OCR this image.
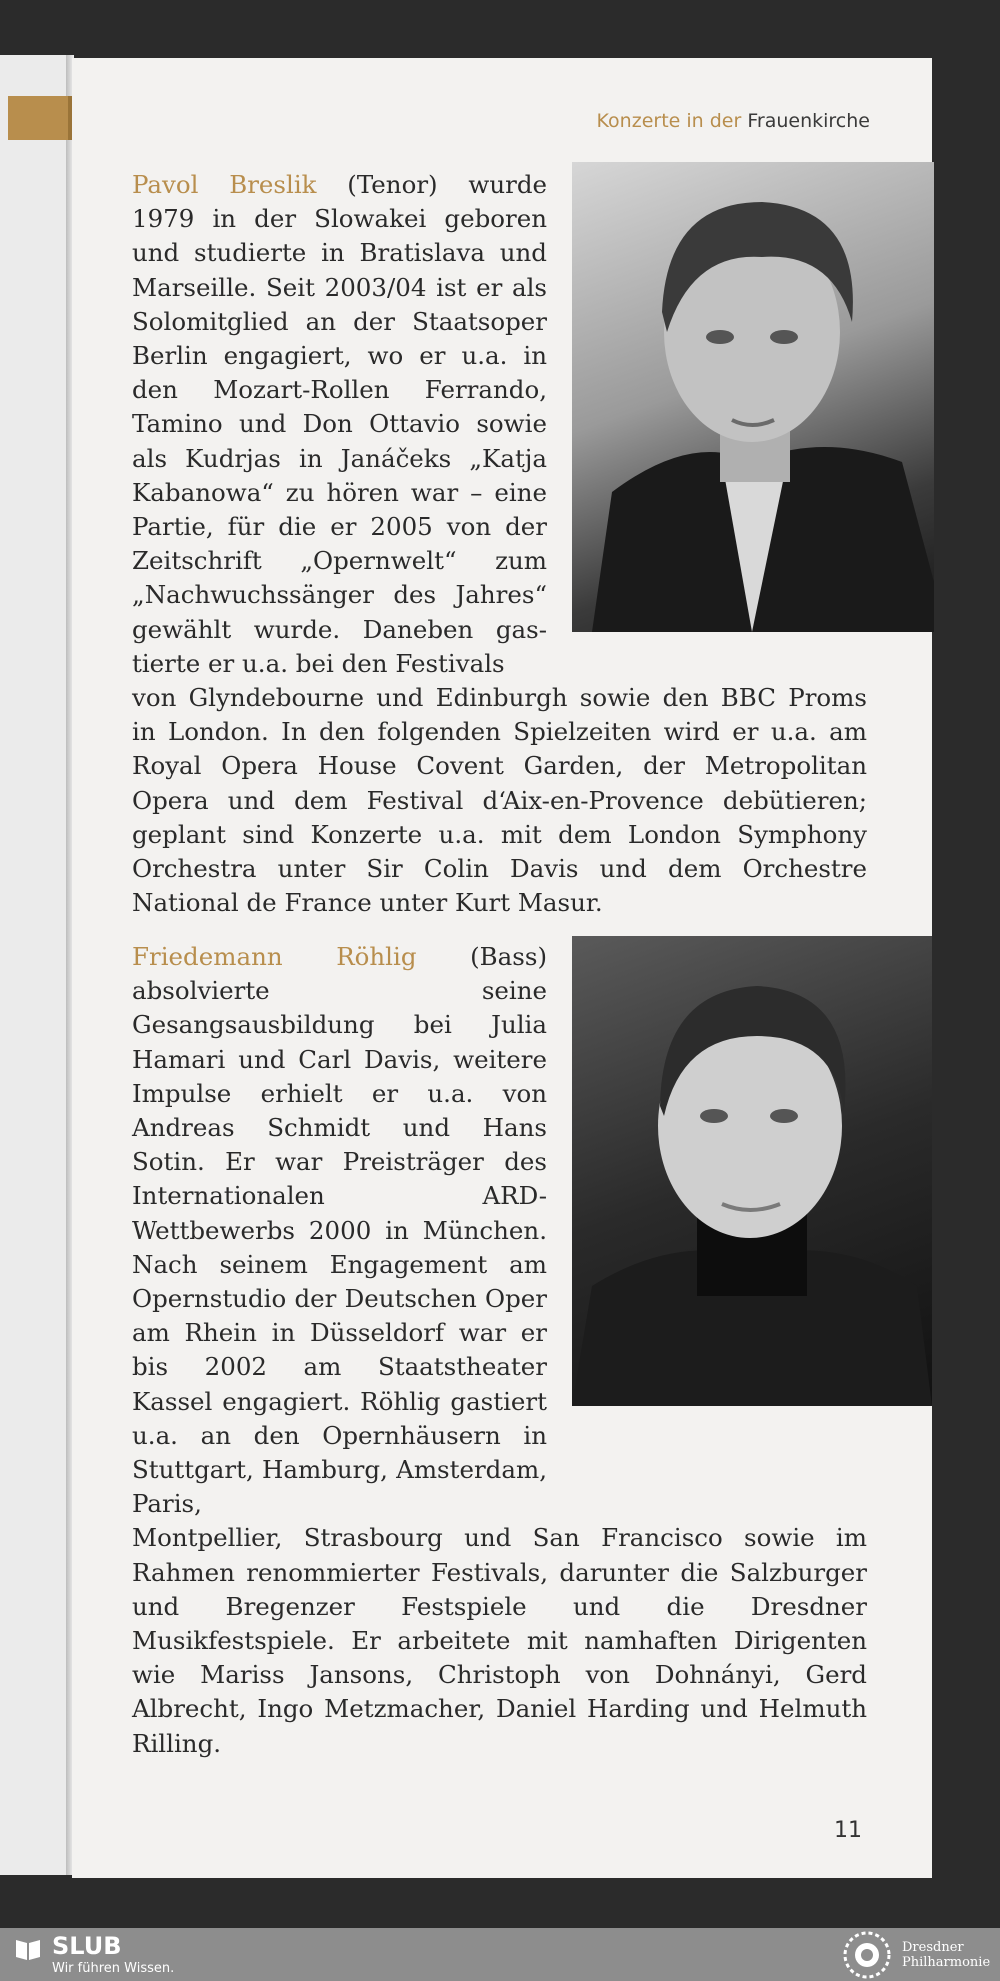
Konzerte in der Frauenkirche
Pavol Breslik (Tenor) wurde 1979 in der Slowakei geboren und studierte in Bratislava und Marseille. Seit 2003/04 ist er als Solomitglied an der Staatsoper Berlin engagiert, wo er u.a. in den Mozart-Rollen Ferrando, Tamino und Don Ottavio sowie als Kudrjas in Janáčeks „Katja Kabanowa“ zu hören war – eine Partie, für die er 2005 von der Zeitschrift „Opernwelt“ zum „Nachwuchssänger des Jahres“ gewählt wurde. Daneben gas-tierte er u.a. bei den Festivals
von Glyndebourne und Edinburgh sowie den BBC Proms in London. In den folgenden Spielzeiten wird er u.a. am Royal Opera House Covent Garden, der Metropolitan Opera und dem Festival d‘Aix-en-Provence debütieren; geplant sind Konzerte u.a. mit dem London Symphony Orchestra unter Sir Colin Davis und dem Orchestre National de France unter Kurt Masur.
Friedemann Röhlig (Bass) absolvierte seine Gesangsausbildung bei Julia Hamari und Carl Davis, weitere Impulse erhielt er u.a. von Andreas Schmidt und Hans Sotin. Er war Preisträger des Internationalen ARD-Wettbewerbs 2000 in München. Nach seinem Engagement am Opernstudio der Deutschen Oper am Rhein in Düsseldorf war er bis 2002 am Staatstheater Kassel engagiert. Röhlig gastiert u.a. an den Opernhäusern in Stuttgart, Hamburg, Amsterdam, Paris,
Montpellier, Strasbourg und San Francisco sowie im Rahmen renommierter Festivals, darunter die Salzburger und Bregenzer Festspiele und die Dresdner Musikfestspiele. Er arbeitete mit namhaften Dirigenten wie Mariss Jansons, Christoph von Dohnányi, Gerd Albrecht, Ingo Metzmacher, Daniel Harding und Helmuth Rilling.
11
SLUB
Wir führen Wissen.
Dresdner
Philharmonie
